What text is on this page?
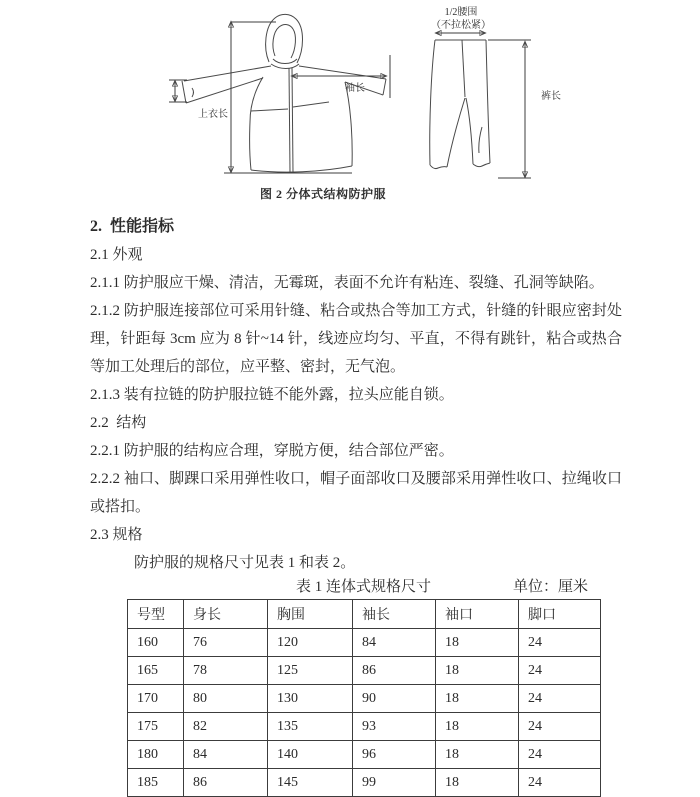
上衣长
袖长
1/2腰围
（不拉松紧）
裤长
图 2 分体式结构防护服

2.  性能指标

2.1 外观

2.1.1 防护服应干燥、清洁，无霉斑，表面不允许有粘连、裂缝、孔洞等缺陷。

2.1.2 防护服连接部位可采用针缝、粘合或热合等加工方式，针缝的针眼应密封处理，针距每 3cm 应为 8 针~14 针，线迹应均匀、平直，不得有跳针，粘合或热合等加工处理后的部位，应平整、密封，无气泡。

2.1.3 装有拉链的防护服拉链不能外露，拉头应能自锁。

2.2  结构

2.2.1 防护服的结构应合理，穿脱方便，结合部位严密。

2.2.2 袖口、脚踝口采用弹性收口，帽子面部收口及腰部采用弹性收口、拉绳收口或搭扣。

2.3 规格

防护服的规格尺寸见表 1 和表 2。

表 1 连体式规格尺寸	单位：厘米
号型	身长	胸围	袖长	袖口	脚口
160	76	120	84	18	24
165	78	125	86	18	24
170	80	130	90	18	24
175	82	135	93	18	24
180	84	140	96	18	24
185	86	145	99	18	24
